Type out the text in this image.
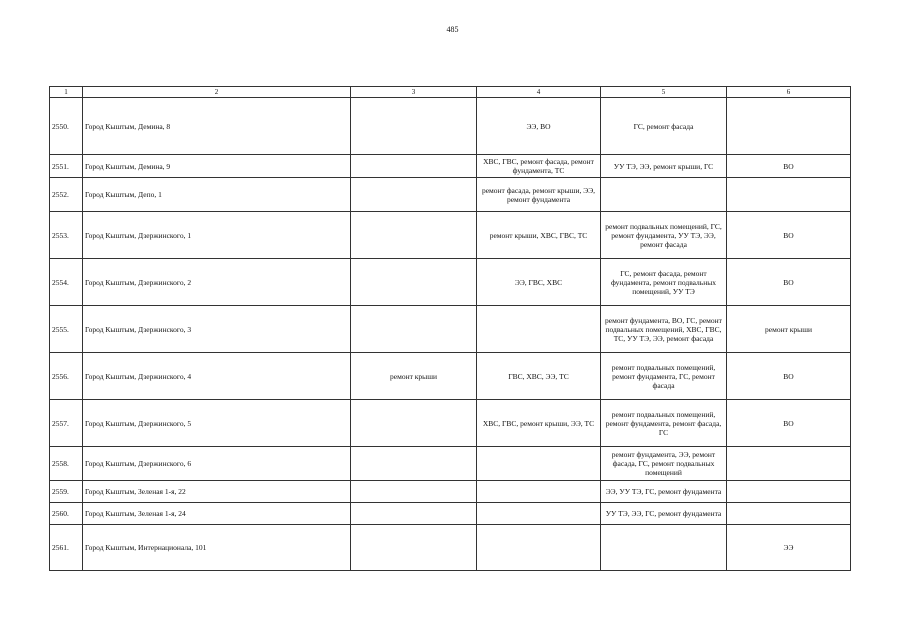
485
1	2	3	4	5	6
2550.	Город Кыштым, Демина, 8		ЭЭ, ВО	ГС, ремонт фасада	
2551.	Город Кыштым, Демина, 9		ХВС, ГВС, ремонт фасада, ремонт фундамента, ТС	УУ ТЭ, ЭЭ, ремонт крыши, ГС	ВО
2552.	Город Кыштым, Депо, 1		ремонт фасада, ремонт крыши, ЭЭ, ремонт фундамента		
2553.	Город Кыштым, Дзержинского, 1		ремонт крыши, ХВС, ГВС, ТС	ремонт подвальных помещений, ГС, ремонт фундамента, УУ ТЭ, ЭЭ, ремонт фасада	ВО
2554.	Город Кыштым, Дзержинского, 2		ЭЭ, ГВС, ХВС	ГС, ремонт фасада, ремонт фундамента, ремонт подвальных помещений, УУ ТЭ	ВО
2555.	Город Кыштым, Дзержинского, 3			ремонт фундамента, ВО, ГС, ремонт подвальных помещений, ХВС, ГВС, ТС, УУ ТЭ, ЭЭ, ремонт фасада	ремонт крыши
2556.	Город Кыштым, Дзержинского, 4	ремонт крыши	ГВС, ХВС, ЭЭ, ТС	ремонт подвальных помещений, ремонт фундамента, ГС, ремонт фасада	ВО
2557.	Город Кыштым, Дзержинского, 5		ХВС, ГВС, ремонт крыши, ЭЭ, ТС	ремонт подвальных помещений, ремонт фундамента, ремонт фасада, ГС	ВО
2558.	Город Кыштым, Дзержинского, 6			ремонт фундамента, ЭЭ, ремонт фасада, ГС, ремонт подвальных помещений	
2559.	Город Кыштым, Зеленая 1-я, 22			ЭЭ, УУ ТЭ, ГС, ремонт фундамента	
2560.	Город Кыштым, Зеленая 1-я, 24			УУ ТЭ, ЭЭ, ГС, ремонт фундамента	
2561.	Город Кыштым, Интернационала, 101				ЭЭ
